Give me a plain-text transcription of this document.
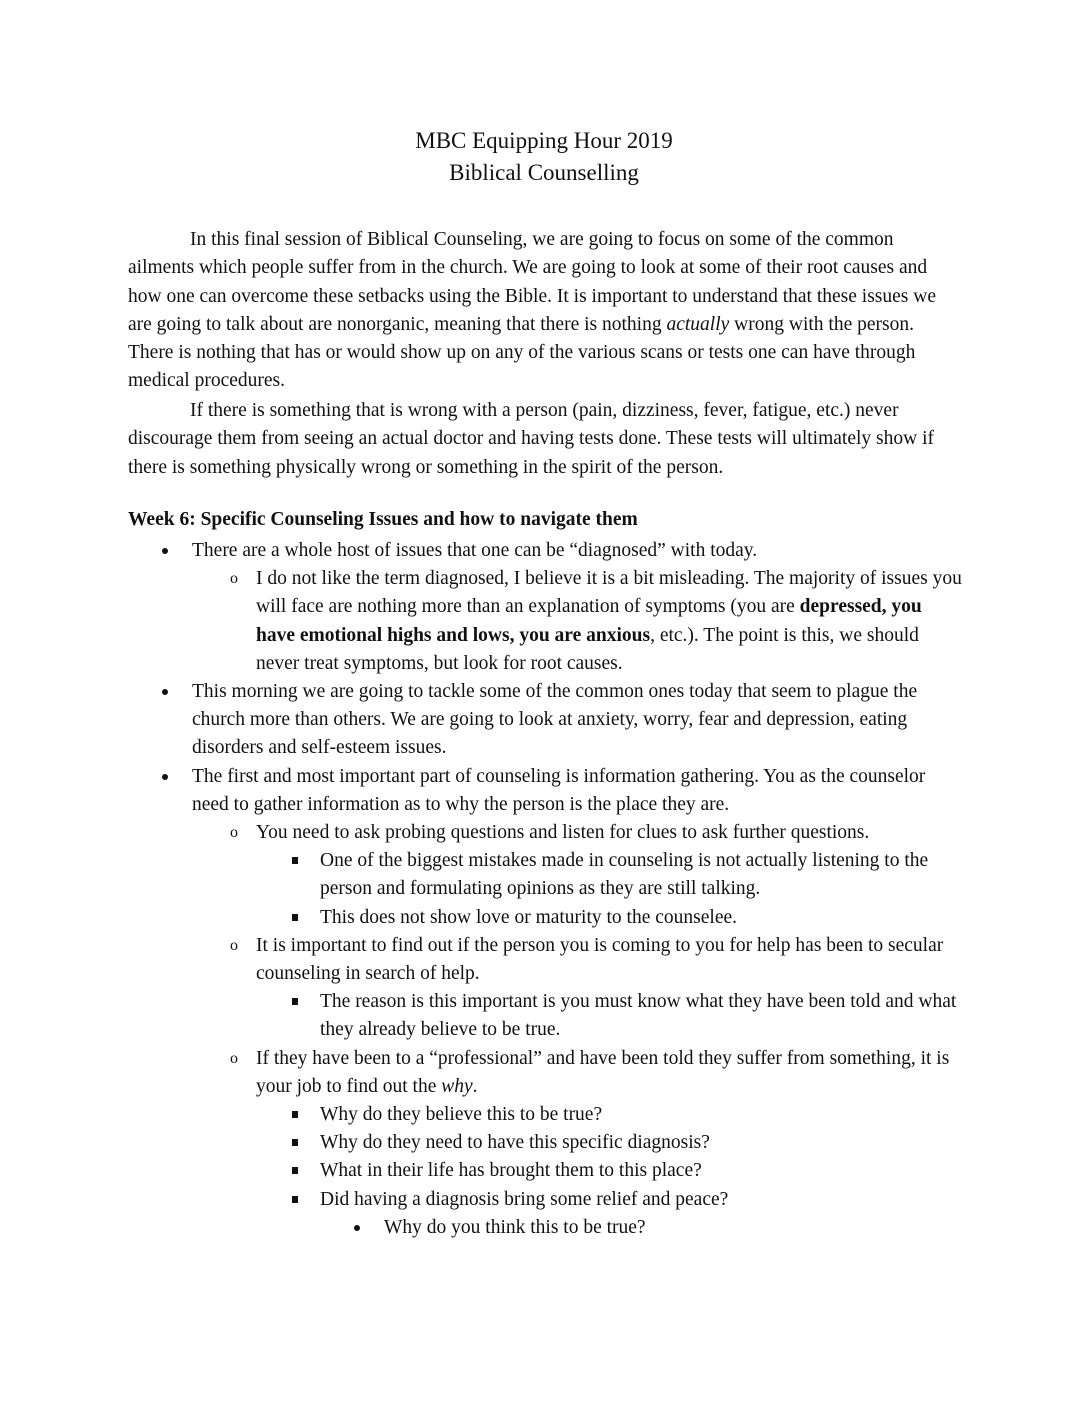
MBC Equipping Hour 2019
Biblical Counselling
In this final session of Biblical Counseling, we are going to focus on some of the common ailments which people suffer from in the church. We are going to look at some of their root causes and how one can overcome these setbacks using the Bible. It is important to understand that these issues we are going to talk about are nonorganic, meaning that there is nothing actually wrong with the person. There is nothing that has or would show up on any of the various scans or tests one can have through medical procedures.
If there is something that is wrong with a person (pain, dizziness, fever, fatigue, etc.) never discourage them from seeing an actual doctor and having tests done. These tests will ultimately show if there is something physically wrong or something in the spirit of the person.
Week 6: Specific Counseling Issues and how to navigate them
There are a whole host of issues that one can be “diagnosed” with today.
o I do not like the term diagnosed, I believe it is a bit misleading. The majority of issues you will face are nothing more than an explanation of symptoms (you are depressed, you have emotional highs and lows, you are anxious, etc.). The point is this, we should never treat symptoms, but look for root causes.
This morning we are going to tackle some of the common ones today that seem to plague the church more than others. We are going to look at anxiety, worry, fear and depression, eating disorders and self-esteem issues.
The first and most important part of counseling is information gathering. You as the counselor need to gather information as to why the person is the place they are.
o You need to ask probing questions and listen for clues to ask further questions.
One of the biggest mistakes made in counseling is not actually listening to the person and formulating opinions as they are still talking.
This does not show love or maturity to the counselee.
o It is important to find out if the person you is coming to you for help has been to secular counseling in search of help.
The reason is this important is you must know what they have been told and what they already believe to be true.
o If they have been to a “professional” and have been told they suffer from something, it is your job to find out the why.
Why do they believe this to be true?
Why do they need to have this specific diagnosis?
What in their life has brought them to this place?
Did having a diagnosis bring some relief and peace?
Why do you think this to be true?
